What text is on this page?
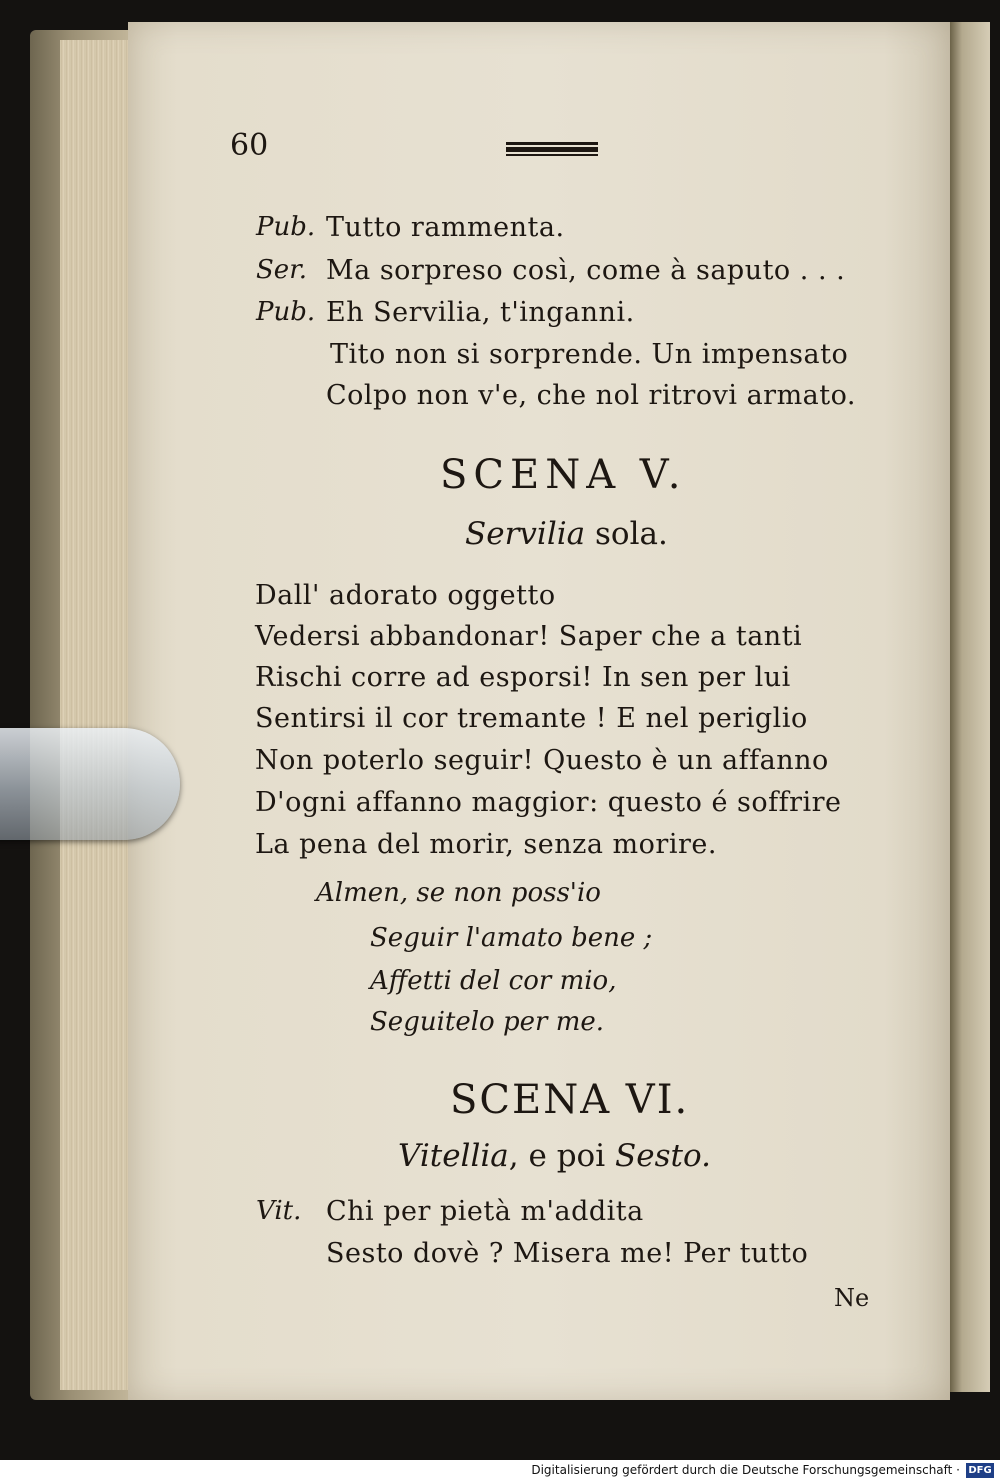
60
Pub. Tutto rammenta.
Ser. Ma sorpreso così, come à saputo . . .
Pub. Eh Servilia, t'inganni.
Tito non si sorprende. Un impensato
Colpo non v'e, che nol ritrovi armato.
SCENA V.
Servilia sola.
Dall' adorato oggetto
Vedersi abbandonar! Saper che a tanti
Rischi corre ad esporsi! In sen per lui
Sentirsi il cor tremante ! E nel periglio
Non poterlo seguir! Questo è un affanno
D'ogni affanno maggior: questo é soffrire
La pena del morir, senza morire.
Almen, se non poss'io
Seguir l'amato bene ;
Affetti del cor mio,
Seguitelo per me.
SCENA VI.
Vitellia, e poi Sesto.
Vit. Chi per pietà m'addita
Sesto dovè ? Misera me! Per tutto
Ne
Digitalisierung gefördert durch die Deutsche Forschungsgemeinschaft · DFG
